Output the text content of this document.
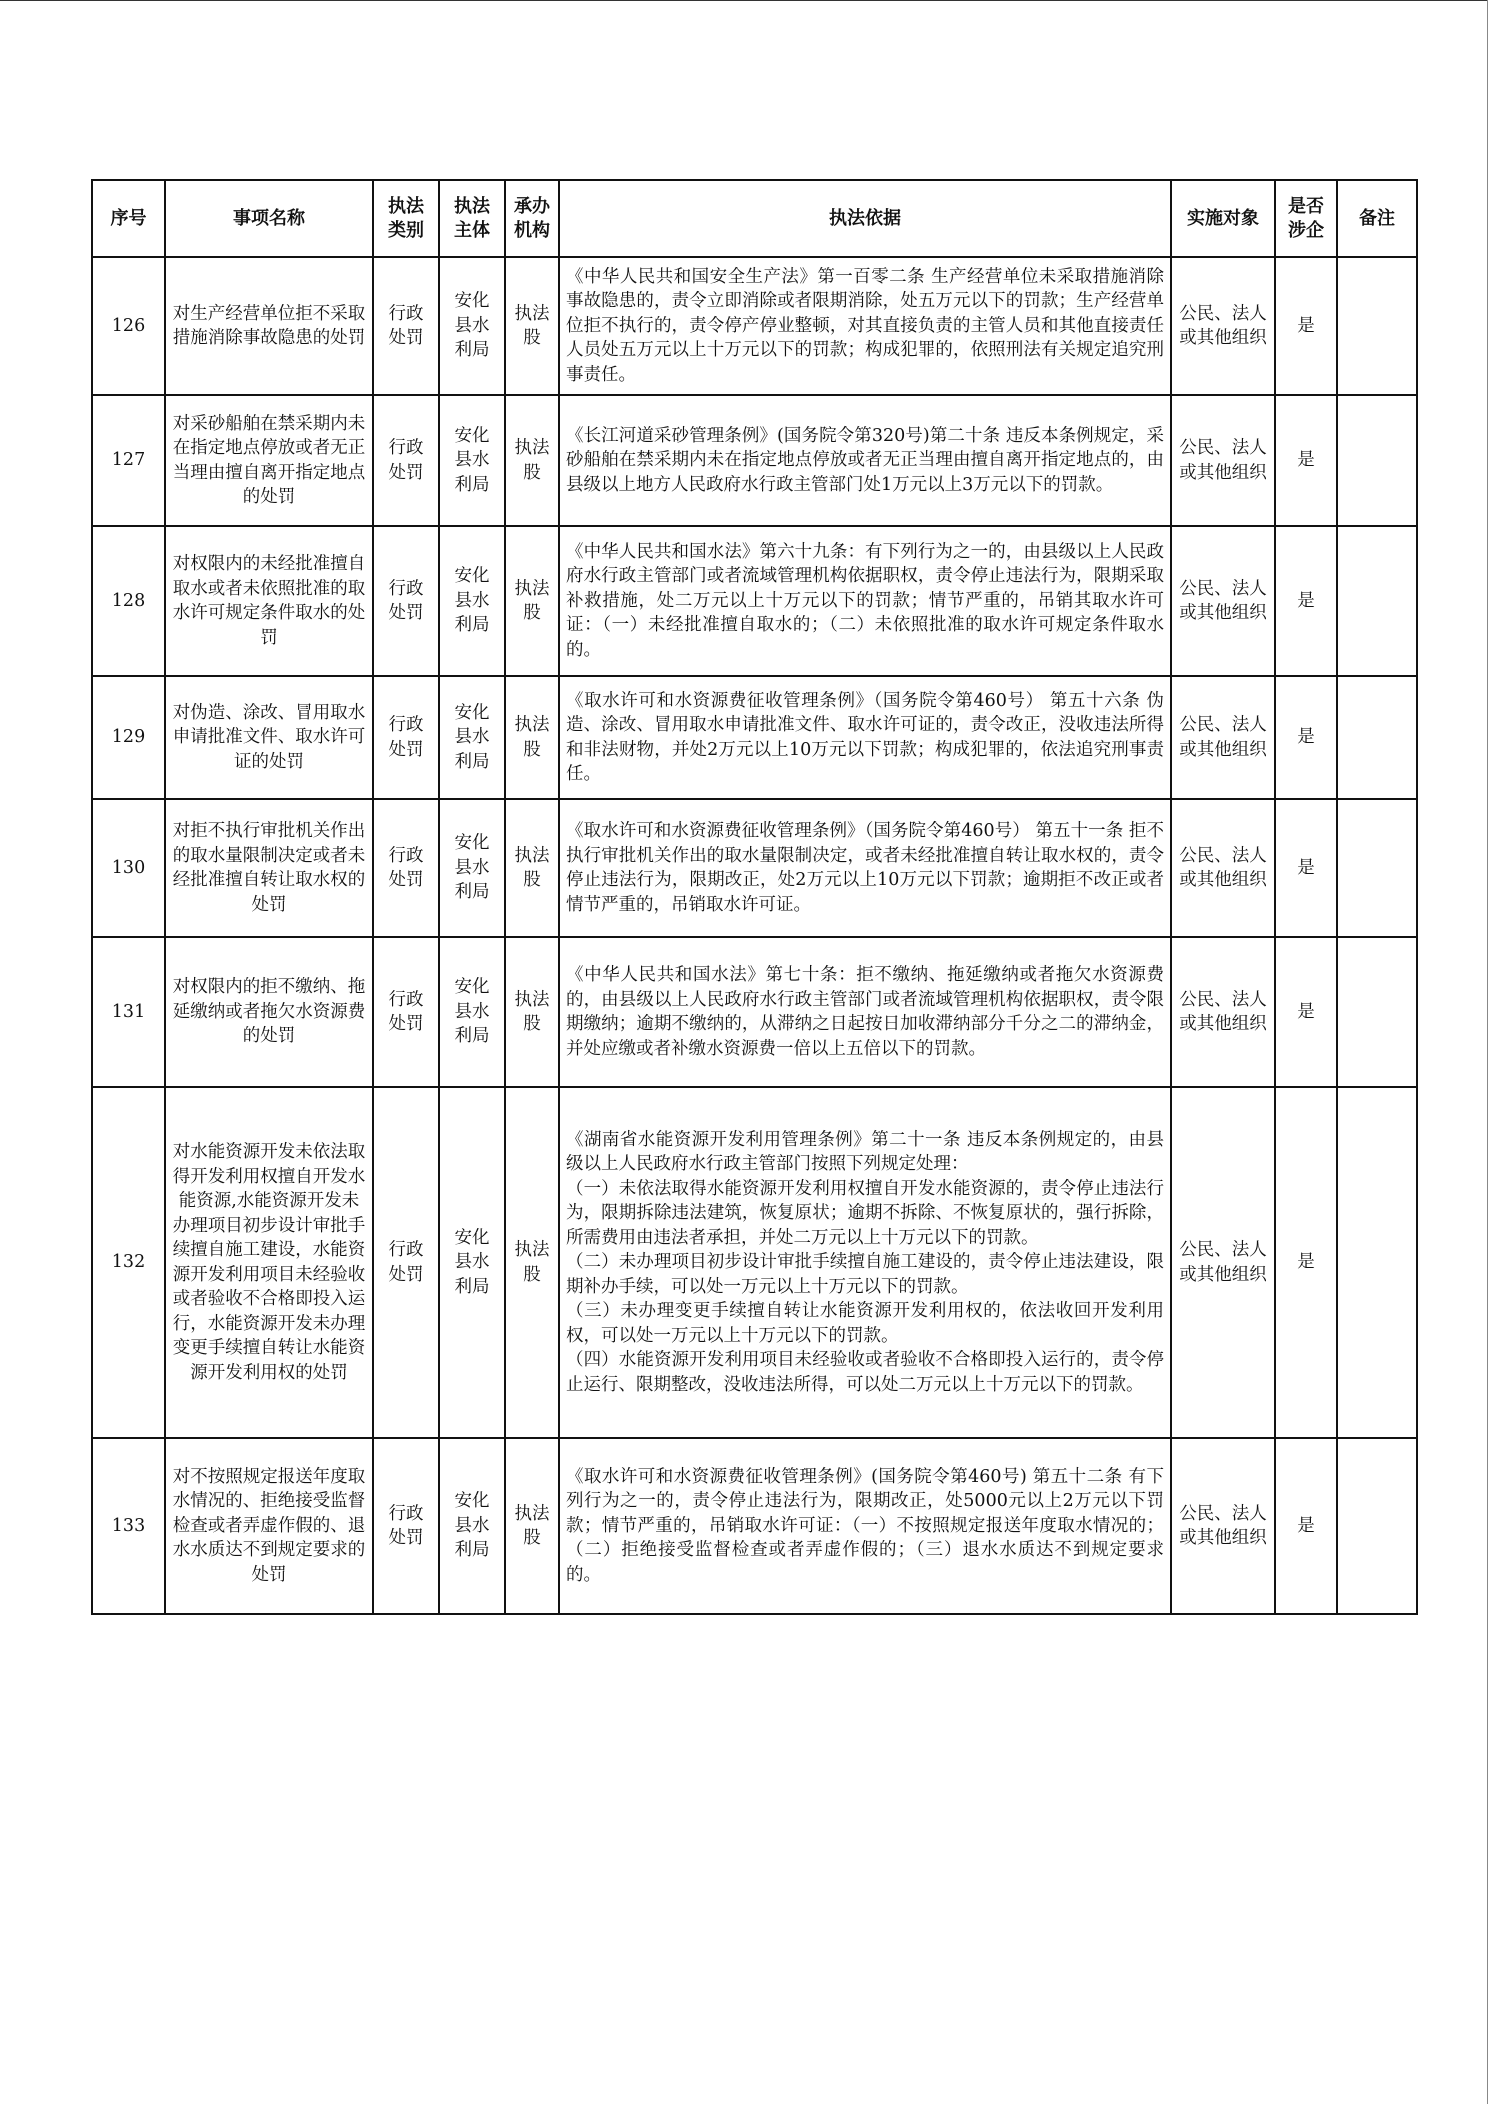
序号	事项名称	执法类别	执法主体	承办机构	执法依据	实施对象	是否涉企	备注
126	对生产经营单位拒不采取措施消除事故隐患的处罚	行政处罚	安化县水利局	执法股	《中华人民共和国安全生产法》第一百零二条 生产经营单位未采取措施消除事故隐患的，责令立即消除或者限期消除，处五万元以下的罚款；生产经营单位拒不执行的，责令停产停业整顿，对其直接负责的主管人员和其他直接责任人员处五万元以上十万元以下的罚款；构成犯罪的，依照刑法有关规定追究刑事责任。	公民、法人或其他组织	是	
127	对采砂船舶在禁采期内未在指定地点停放或者无正当理由擅自离开指定地点的处罚	行政处罚	安化县水利局	执法股	《长江河道采砂管理条例》(国务院令第320号)第二十条 违反本条例规定，采砂船舶在禁采期内未在指定地点停放或者无正当理由擅自离开指定地点的，由县级以上地方人民政府水行政主管部门处1万元以上3万元以下的罚款。	公民、法人或其他组织	是	
128	对权限内的未经批准擅自取水或者未依照批准的取水许可规定条件取水的处罚	行政处罚	安化县水利局	执法股	《中华人民共和国水法》第六十九条：有下列行为之一的，由县级以上人民政府水行政主管部门或者流域管理机构依据职权，责令停止违法行为，限期采取补救措施，处二万元以上十万元以下的罚款；情节严重的，吊销其取水许可证：（一）未经批准擅自取水的；（二）未依照批准的取水许可规定条件取水的。	公民、法人或其他组织	是	
129	对伪造、涂改、冒用取水申请批准文件、取水许可证的处罚	行政处罚	安化县水利局	执法股	《取水许可和水资源费征收管理条例》（国务院令第460号） 第五十六条 伪造、涂改、冒用取水申请批准文件、取水许可证的，责令改正，没收违法所得和非法财物，并处2万元以上10万元以下罚款；构成犯罪的，依法追究刑事责任。	公民、法人或其他组织	是	
130	对拒不执行审批机关作出的取水量限制决定或者未经批准擅自转让取水权的处罚	行政处罚	安化县水利局	执法股	《取水许可和水资源费征收管理条例》（国务院令第460号） 第五十一条 拒不执行审批机关作出的取水量限制决定，或者未经批准擅自转让取水权的，责令停止违法行为，限期改正，处2万元以上10万元以下罚款；逾期拒不改正或者情节严重的，吊销取水许可证。	公民、法人或其他组织	是	
131	对权限内的拒不缴纳、拖延缴纳或者拖欠水资源费的处罚	行政处罚	安化县水利局	执法股	《中华人民共和国水法》第七十条：拒不缴纳、拖延缴纳或者拖欠水资源费的，由县级以上人民政府水行政主管部门或者流域管理机构依据职权，责令限期缴纳；逾期不缴纳的，从滞纳之日起按日加收滞纳部分千分之二的滞纳金，并处应缴或者补缴水资源费一倍以上五倍以下的罚款。	公民、法人或其他组织	是	
132	对水能资源开发未依法取得开发利用权擅自开发水能资源,水能资源开发未办理项目初步设计审批手续擅自施工建设，水能资源开发利用项目未经验收或者验收不合格即投入运行，水能资源开发未办理变更手续擅自转让水能资源开发利用权的处罚	行政处罚	安化县水利局	执法股	《湖南省水能资源开发利用管理条例》第二十一条 违反本条例规定的，由县级以上人民政府水行政主管部门按照下列规定处理：
（一）未依法取得水能资源开发利用权擅自开发水能资源的，责令停止违法行为，限期拆除违法建筑，恢复原状；逾期不拆除、不恢复原状的，强行拆除，所需费用由违法者承担，并处二万元以上十万元以下的罚款。
（二）未办理项目初步设计审批手续擅自施工建设的，责令停止违法建设，限期补办手续，可以处一万元以上十万元以下的罚款。
（三）未办理变更手续擅自转让水能资源开发利用权的，依法收回开发利用权，可以处一万元以上十万元以下的罚款。
（四）水能资源开发利用项目未经验收或者验收不合格即投入运行的，责令停止运行、限期整改，没收违法所得，可以处二万元以上十万元以下的罚款。	公民、法人或其他组织	是	
133	对不按照规定报送年度取水情况的、拒绝接受监督检查或者弄虚作假的、退水水质达不到规定要求的处罚	行政处罚	安化县水利局	执法股	《取水许可和水资源费征收管理条例》(国务院令第460号) 第五十二条 有下列行为之一的，责令停止违法行为，限期改正，处5000元以上2万元以下罚款；情节严重的，吊销取水许可证：（一）不按照规定报送年度取水情况的；（二）拒绝接受监督检查或者弄虚作假的；（三）退水水质达不到规定要求的。	公民、法人或其他组织	是	
